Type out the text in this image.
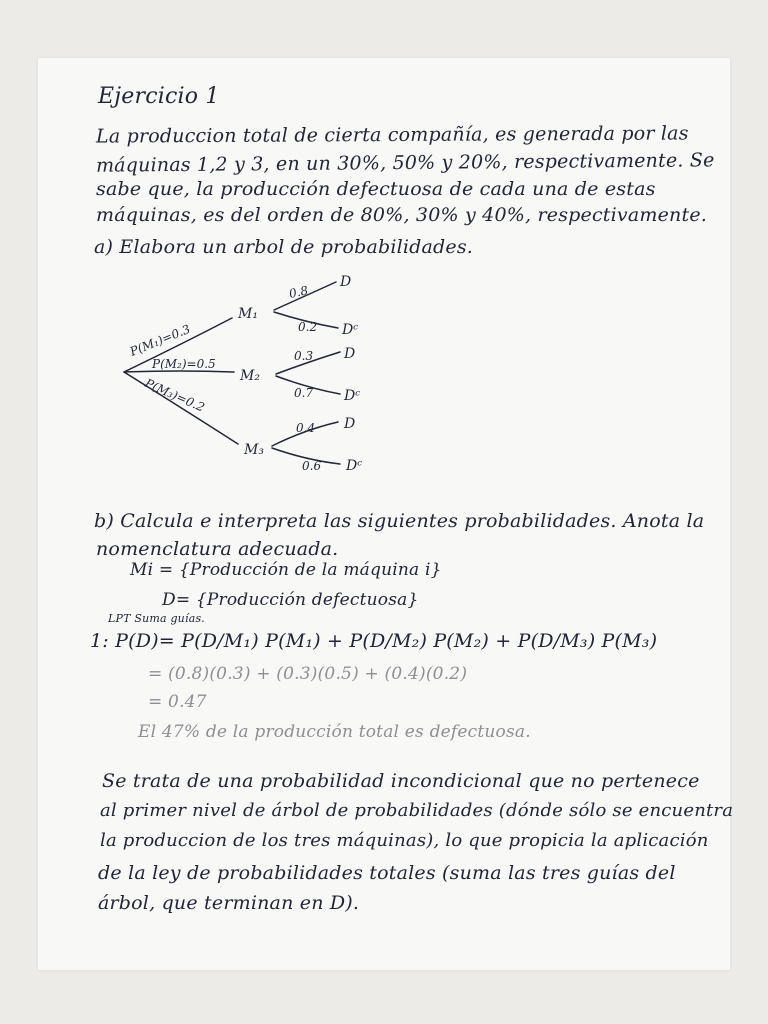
Ejercicio 1
La produccion total de cierta compañía, es generada por las
máquinas 1,2 y 3, en un 30%, 50% y 20%, respectivamente. Se
sabe que, la producción defectuosa de cada una de estas
máquinas, es del orden de 80%, 30% y 40%, respectivamente.
a) Elabora un arbol de probabilidades.
P(M₁)=0.3
P(M₂)=0.5
P(M₃)=0.2
M₁
M₂
M₃
0.8
D
0.2 Dᶜ
0.3 D
0.7 Dᶜ
0.4 D
0.6 Dᶜ
b) Calcula e interpreta las siguientes probabilidades. Anota la
nomenclatura adecuada.
Mi = {Producción de la máquina i}
D= {Producción defectuosa}
LPT Suma guías.
1: P(D)= P(D/M₁) P(M₁) + P(D/M₂) P(M₂) + P(D/M₃) P(M₃)
= (0.8)(0.3) + (0.3)(0.5) + (0.4)(0.2)
= 0.47
El 47% de la producción total es defectuosa.
Se trata de una probabilidad incondicional que no pertenece
al primer nivel de árbol de probabilidades (dónde sólo se encuentra
la produccion de los tres máquinas), lo que propicia la aplicación
de la ley de probabilidades totales (suma las tres guías del
árbol, que terminan en D).
